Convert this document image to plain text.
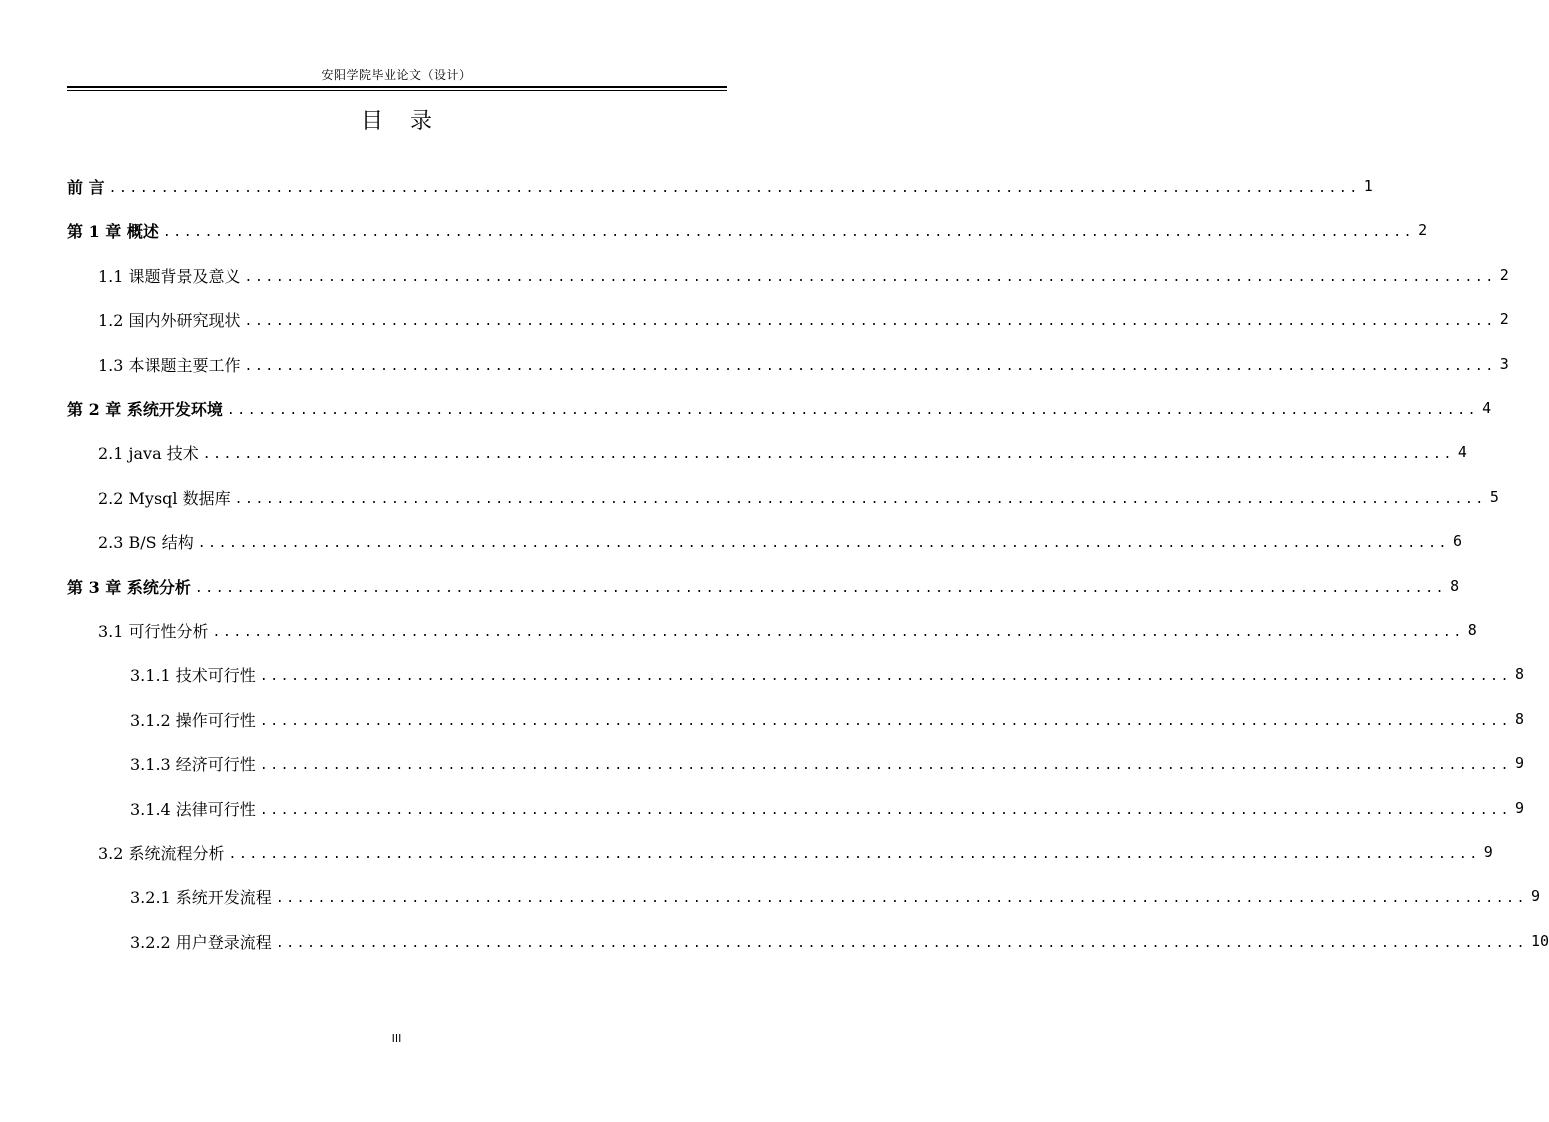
安阳学院毕业论文（设计）
目 录
前 言 ........................................................................................................................ 1
第 1 章 概述 ........................................................................................................................ 2
1.1 课题背景及意义 ........................................................................................................................ 2
1.2 国内外研究现状 ........................................................................................................................ 2
1.3 本课题主要工作 ........................................................................................................................ 3
第 2 章 系统开发环境 ........................................................................................................................ 4
2.1 java 技术 ........................................................................................................................ 4
2.2 Mysql 数据库 ........................................................................................................................ 5
2.3 B/S 结构 ........................................................................................................................ 6
第 3 章 系统分析 ........................................................................................................................ 8
3.1 可行性分析 ........................................................................................................................ 8
3.1.1 技术可行性 ........................................................................................................................ 8
3.1.2 操作可行性 ........................................................................................................................ 8
3.1.3 经济可行性 ........................................................................................................................ 9
3.1.4 法律可行性 ........................................................................................................................ 9
3.2 系统流程分析 ........................................................................................................................ 9
3.2.1 系统开发流程 ........................................................................................................................ 9
3.2.2 用户登录流程 ........................................................................................................................ 10
III
